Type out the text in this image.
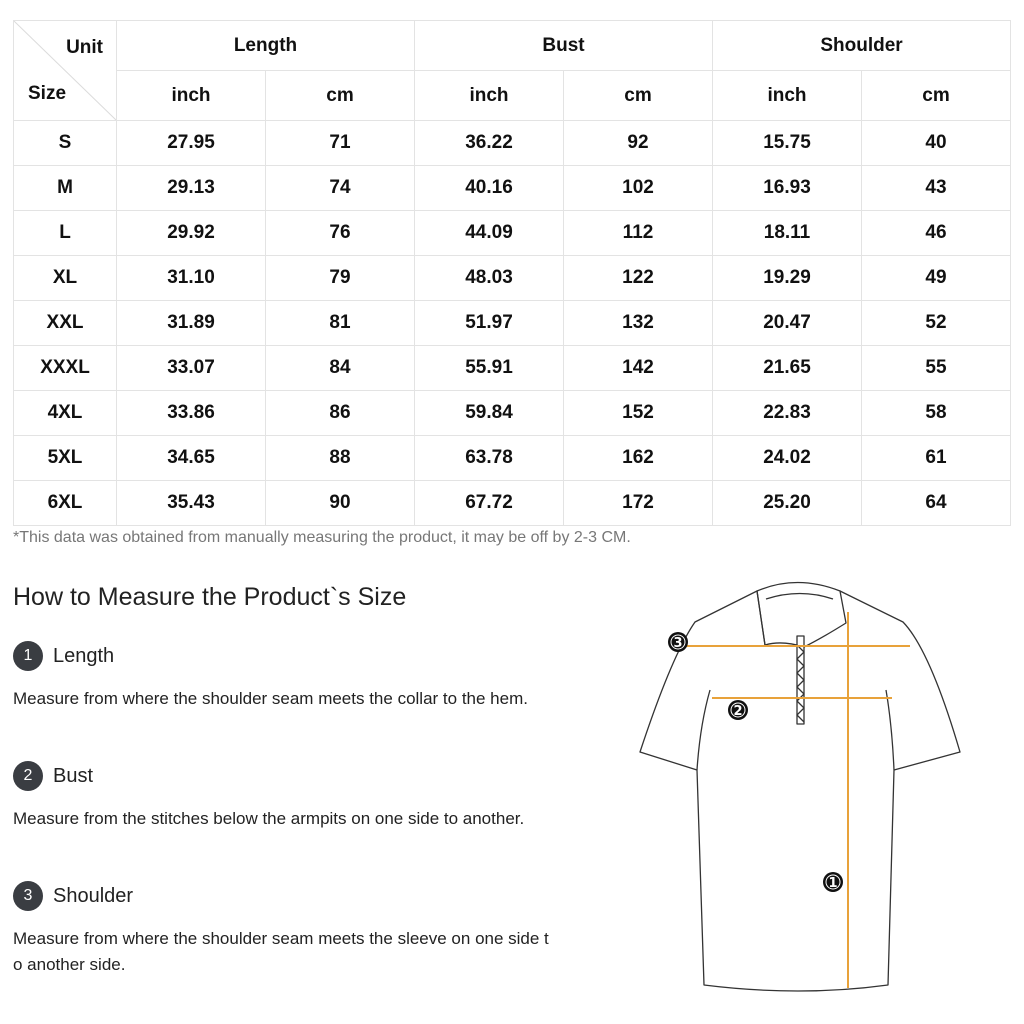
Unit
Size	Length		Bust		Shoulder	
	inch	cm	inch	cm	inch	cm
S	27.95	71	36.22	92	15.75	40
M	29.13	74	40.16	102	16.93	43
L	29.92	76	44.09	112	18.11	46
XL	31.10	79	48.03	122	19.29	49
XXL	31.89	81	51.97	132	20.47	52
XXXL	33.07	84	55.91	142	21.65	55
4XL	33.86	86	59.84	152	22.83	58
5XL	34.65	88	63.78	162	24.02	61
6XL	35.43	90	67.72	172	25.20	64
*This data was obtained from manually measuring the product, it may be off by 2-3 CM.
How to Measure the Product`s Size
1	Length

Measure from where the shoulder seam meets the collar to the hem.

2	Bust

Measure from the stitches below the armpits on one side to another.

3	Shoulder

Measure from where the shoulder seam meets the sleeve on one side to another side.

3
2
1
